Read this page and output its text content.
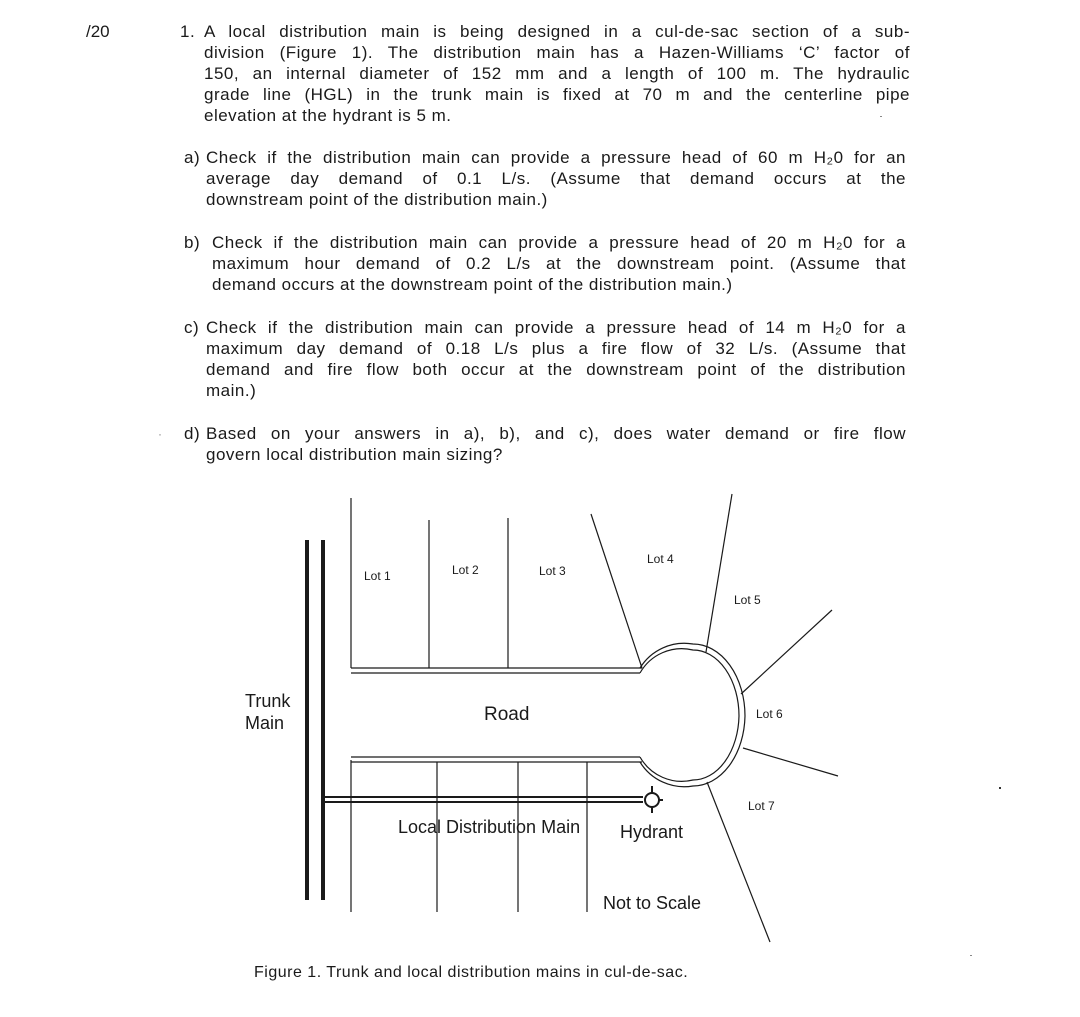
/20	1. A local distribution main is being designed in a cul-de-sac section of a sub-
division (Figure 1). The distribution main has a Hazen-Williams ‘C’ factor of
150, an internal diameter of 152 mm and a length of 100 m. The hydraulic
grade line (HGL) in the trunk main is fixed at 70 m and the centerline pipe
elevation at the hydrant is 5 m.
a) Check if the distribution main can provide a pressure head of 60 m H₂0 for an
average day demand of 0.1 L/s. (Assume that demand occurs at the
downstream point of the distribution main.)
b) Check if the distribution main can provide a pressure head of 20 m H₂0 for a
maximum hour demand of 0.2 L/s at the downstream point. (Assume that
demand occurs at the downstream point of the distribution main.)
c) Check if the distribution main can provide a pressure head of 14 m H₂0 for a
maximum day demand of 0.18 L/s plus a fire flow of 32 L/s. (Assume that
demand and fire flow both occur at the downstream point of the distribution
main.)
· d) Based on your answers in a), b), and c), does water demand or fire flow
govern local distribution main sizing?
Trunk
Main	Road
Lot 1	Lot 2	Lot 3
Lot 4
Lot 5
Lot 6
Lot 7
Local Distribution Main Hydrant
Not to Scale
Figure 1. Trunk and local distribution mains in cul-de-sac.
